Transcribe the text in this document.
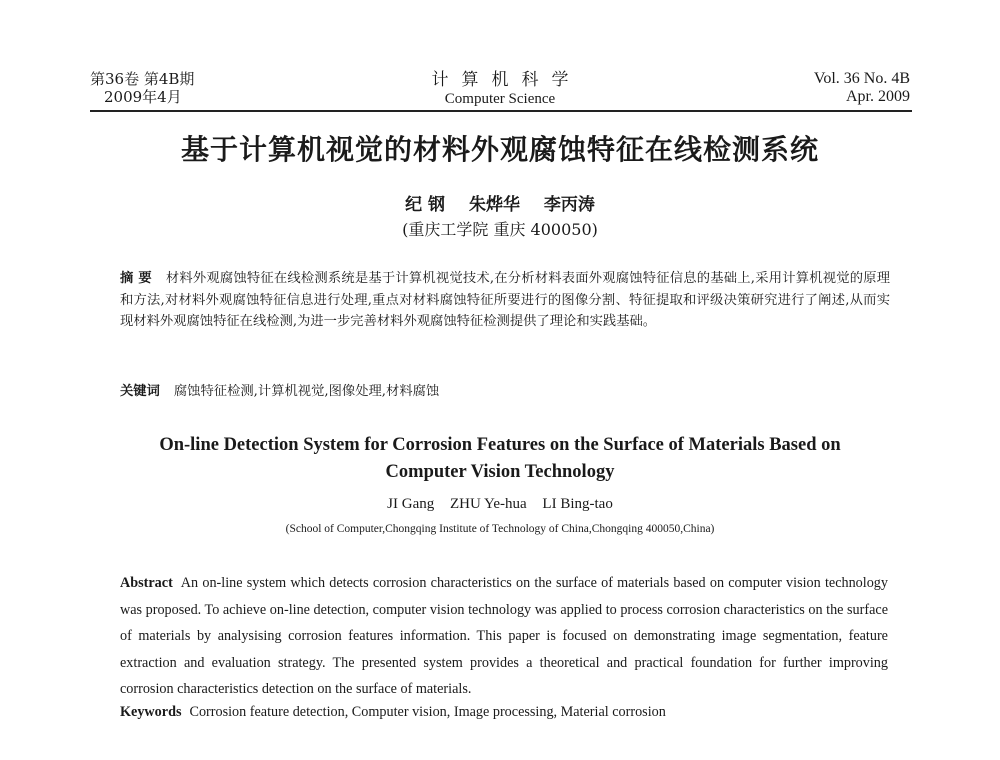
第36卷 第4B期
2009年4月
计算机科学
Computer Science
Vol. 36 No. 4B
Apr. 2009
基于计算机视觉的材料外观腐蚀特征在线检测系统
纪 钢 朱烨华 李丙涛
(重庆工学院 重庆 400050)
摘 要 材料外观腐蚀特征在线检测系统是基于计算机视觉技术,在分析材料表面外观腐蚀特征信息的基础上,采用计算机视觉的原理和方法,对材料外观腐蚀特征信息进行处理,重点对材料腐蚀特征所要进行的图像分割、特征提取和评级决策研究进行了阐述,从而实现材料外观腐蚀特征在线检测,为进一步完善材料外观腐蚀特征检测提供了理论和实践基础。
关键词 腐蚀特征检测,计算机视觉,图像处理,材料腐蚀
On-line Detection System for Corrosion Features on the Surface of Materials Based on Computer Vision Technology
JI Gang ZHU Ye-hua LI Bing-tao
(School of Computer,Chongqing Institute of Technology of China,Chongqing 400050,China)
Abstract An on-line system which detects corrosion characteristics on the surface of materials based on computer vision technology was proposed. To achieve on-line detection, computer vision technology was applied to process corrosion characteristics on the surface of materials by analysising corrosion features information. This paper is focused on demonstrating image segmentation, feature extraction and evaluation strategy. The presented system provides a theoretical and practical foundation for further improving corrosion characteristics detection on the surface of materials.
Keywords Corrosion feature detection, Computer vision, Image processing, Material corrosion
